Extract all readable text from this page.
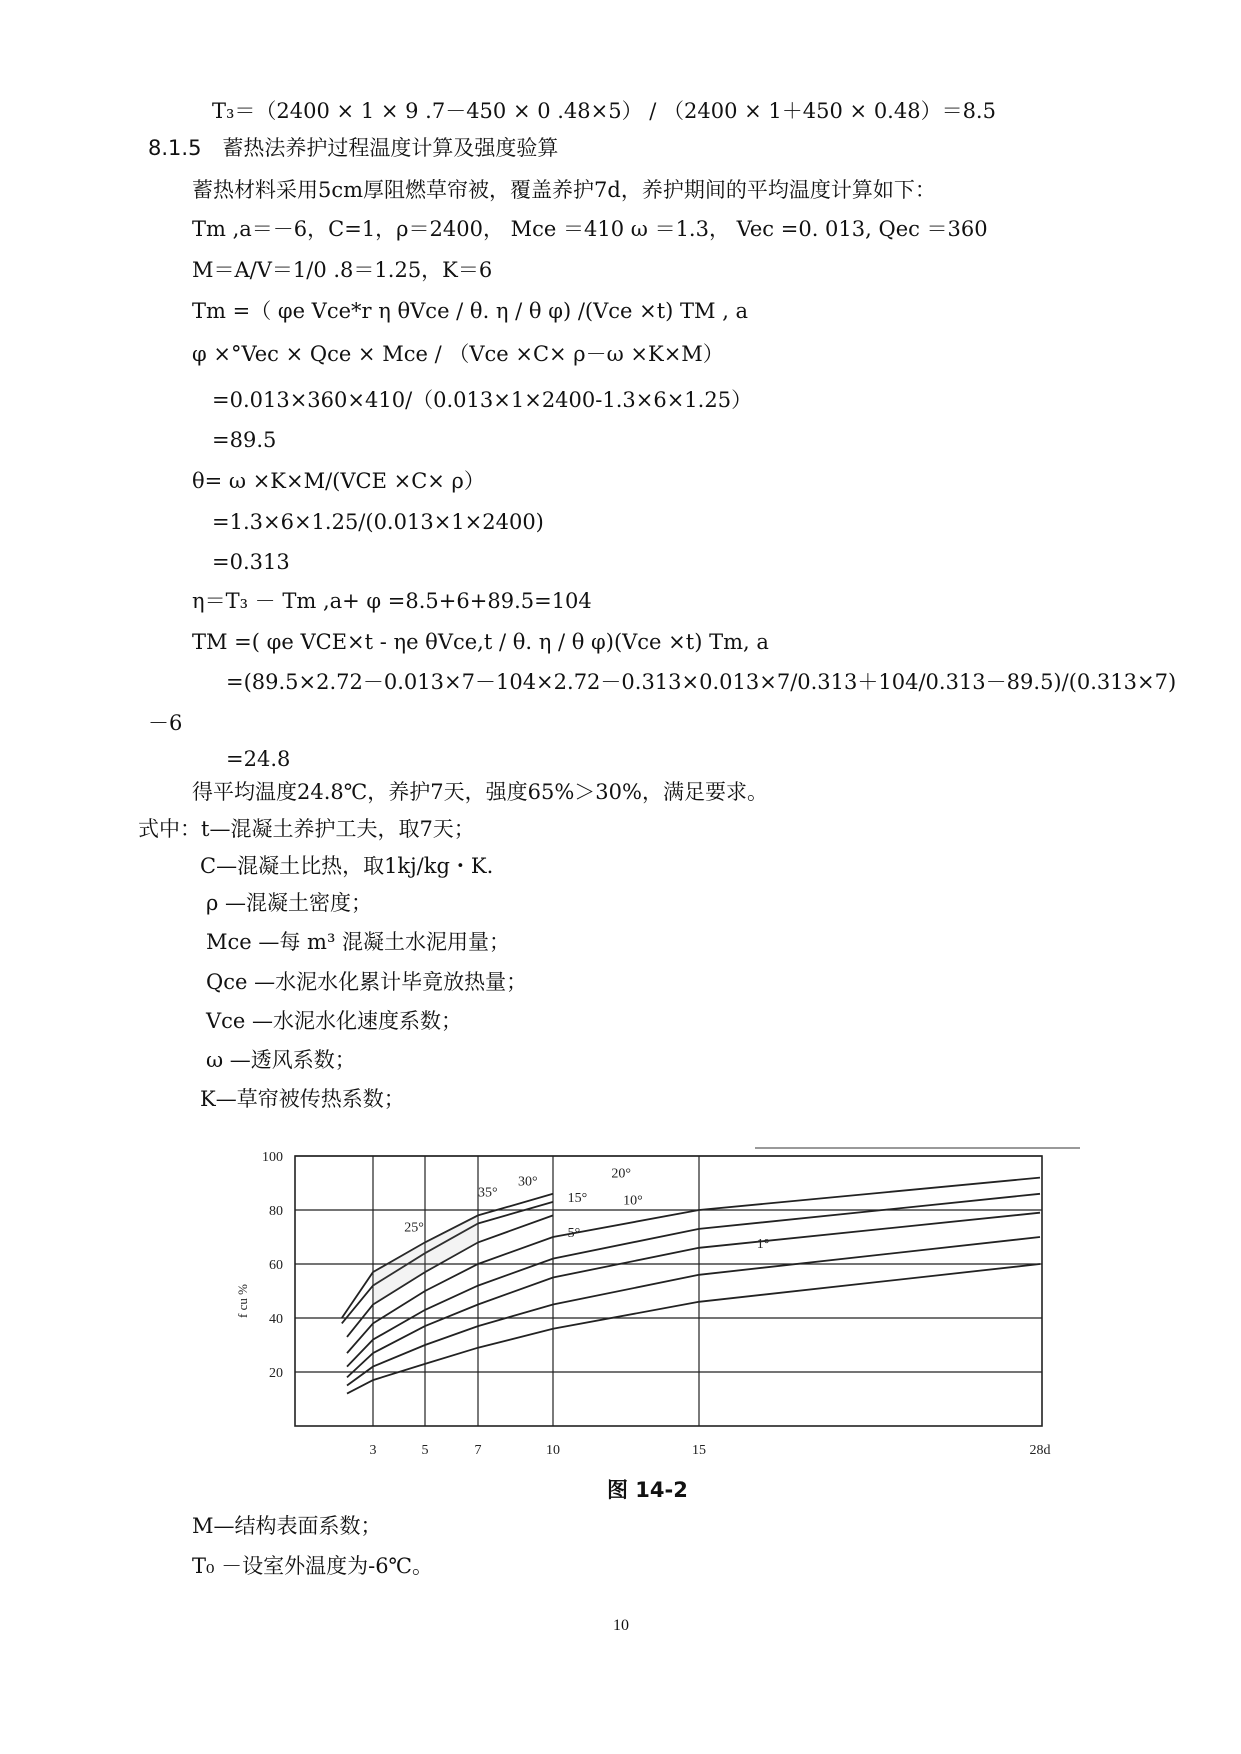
T₃＝（2400 × 1 × 9 .7－450 × 0 .48×5） / （2400 × 1＋450 × 0.48）＝8.5
8.1.5　蓄热法养护过程温度计算及强度验算
蓄热材料采用5cm厚阻燃草帘被，覆盖养护7d，养护期间的平均温度计算如下：
Tm ,a＝－6，C=1，ρ＝2400， Mce ＝410 ω ＝1.3， Vec =0. 013, Qec ＝360
M＝A/V＝1/0 .8＝1.25，K＝6
Tm =（ φe Vce*r η θVce / θ. η / θ φ) /(Vce ×t) TM , a
φ ×°Vec × Qce × Mce / （Vce ×C× ρ－ω ×K×M）
=0.013×360×410/（0.013×1×2400-1.3×6×1.25）
=89.5
θ= ω ×K×M/(VCE ×C× ρ）
=1.3×6×1.25/(0.013×1×2400)
=0.313
η＝T₃ － Tm ,a+ φ =8.5+6+89.5=104
TM =( φe VCE×t - ηe θVce,t / θ. η / θ φ)(Vce ×t) Tm, a
=(89.5×2.72－0.013×7－104×2.72－0.313×0.013×7/0.313＋104/0.313－89.5)/(0.313×7)
－6
=24.8
得平均温度24.8℃，养护7天，强度65%＞30%，满足要求。
式中：t—混凝土养护工夫，取7天；
C—混凝土比热，取1kj/kg・K.
ρ —混凝土密度；
Mce —每 m³ 混凝土水泥用量；
Qce —水泥水化累计毕竟放热量；
Vce —水泥水化速度系数；
ω —透风系数；
K—草帘被传热系数；
100
80
60
40
20
3	5	7	10	15	28d
f cu %
35°
30°
25°
20°
15°	10°
5°
1°
图 14-2
M—结构表面系数；
T₀ －设室外温度为-6℃。
10
